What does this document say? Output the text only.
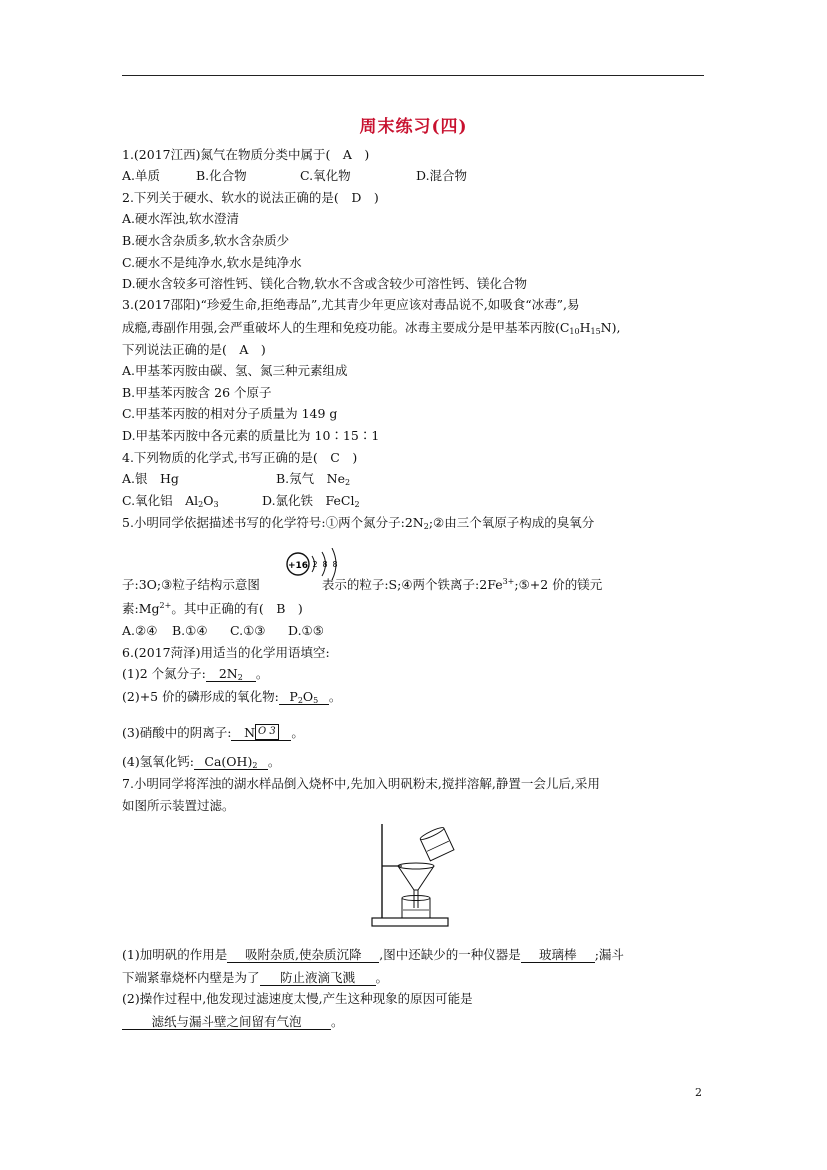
周末练习(四)
1.(2017江西)氮气在物质分类中属于(　A　)
A.单质	B.化合物	C.氧化物	D.混合物
2.下列关于硬水、软水的说法正确的是(　D　)
A.硬水浑浊,软水澄清
B.硬水含杂质多,软水含杂质少
C.硬水不是纯净水,软水是纯净水
D.硬水含较多可溶性钙、镁化合物,软水不含或含较少可溶性钙、镁化合物
3.(2017邵阳)“珍爱生命,拒绝毒品”,尤其青少年更应该对毒品说不,如吸食“冰毒”,易
成瘾,毒副作用强,会严重破坏人的生理和免疫功能。冰毒主要成分是甲基苯丙胺$(C_{10}H_{15}N)$,
下列说法正确的是(　A　)
A.甲基苯丙胺由碳、氢、氮三种元素组成
B.甲基苯丙胺含 26 个原子
C.甲基苯丙胺的相对分子质量为 149 g
D.甲基苯丙胺中各元素的质量比为 10∶15∶1
4.下列物质的化学式,书写正确的是(　C　)
A.银　Hg	B.氖气　$Ne_2$
C.氧化铝　$Al_2O_3$	D.氯化铁　FeCl$_2$
5.小明同学依据描述书写的化学符号:①两个氮分子$:2N_2;②$由三个氧原子构成的臭氧分
+16 2 8 8
子:3O;③粒子结构示意图	表示的粒子:S;④两个铁离子$:2Fe^{3+};⑤+2$ 价的镁元
素$:Mg^{2+}$。其中正确的有(　B　)
A.②④ B.①④ C.①③ D.①⑤
6.(2017菏泽)用适当的化学用语填空:
(1)2 个氮分子: $2N_2$ 。
(2)+5 价的磷形成的氧化物: $P_2O_5$ 。
(3)硝酸中的阴离子: N O 3 。
(4)氢氧化钙: $Ca(OH)_2$ 。
7.小明同学将浑浊的湖水样品倒入烧杯中,先加入明矾粉末,搅拌溶解,静置一会儿后,采用
如图所示装置过滤。
(1)加明矾的作用是 吸附杂质,使杂质沉降 ,图中还缺少的一种仪器是 玻璃棒 ;漏斗
下端紧靠烧杯内壁是为了 防止液滴飞溅 。
(2)操作过程中,他发现过滤速度太慢,产生这种现象的原因可能是
滤纸与漏斗壁之间留有气泡 。
2
